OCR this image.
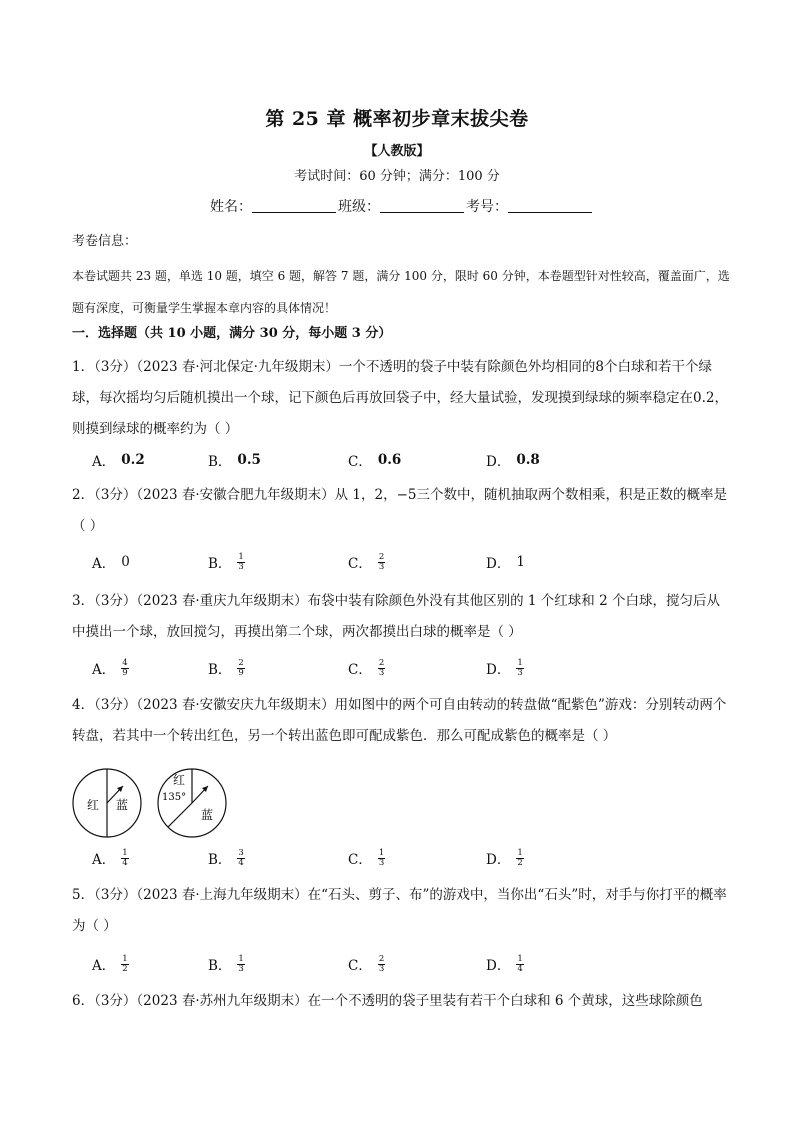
第 25 章 概率初步章末拔尖卷
【人教版】
考试时间：60 分钟；满分：100 分
姓名：	班级：	考号：
考卷信息：
本卷试题共 23 题，单选 10 题，填空 6 题，解答 7 题，满分 100 分，限时 60 分钟，本卷题型针对性较高，覆盖面广，选题有深度，可衡量学生掌握本章内容的具体情况！
一．选择题（共 10 小题，满分 30 分，每小题 3 分）
1．（3分）（2023 春·河北保定·九年级期末）一个不透明的袋子中装有除颜色外均相同的8个白球和若干个绿球，每次摇均匀后随机摸出一个球，记下颜色后再放回袋子中，经大量试验，发现摸到绿球的频率稳定在0.2，则摸到绿球的概率约为（ ）
A． 0.2	B． 0.5	C． 0.6	D． 0.8
2．（3分）（2023 春·安徽合肥九年级期末）从 1，2，−5三个数中，随机抽取两个数相乘，积是正数的概率是（ ）
A． 0	B． $\frac{1}{3}$	C． $\frac{2}{3}$	D． 1
3．（3分）（2023 春·重庆九年级期末）布袋中装有除颜色外没有其他区别的 1 个红球和 2 个白球，搅匀后从中摸出一个球，放回搅匀，再摸出第二个球，两次都摸出白球的概率是（ ）
A． $\frac{4}{9}$	B． $\frac{2}{9}$	C． $\frac{2}{3}$	D． $\frac{1}{3}$
4．（3分）（2023 春·安徽安庆九年级期末）用如图中的两个可自由转动的转盘做“配紫色”游戏：分别转动两个转盘，若其中一个转出红色，另一个转出蓝色即可配成紫色．那么可配成紫色的概率是（ ）
红 蓝
红
135°
蓝
A． $\frac{1}{4}$	B． $\frac{3}{4}$	C． $\frac{1}{3}$	D． $\frac{1}{2}$
5．（3分）（2023 春·上海九年级期末）在“石头、剪子、布”的游戏中，当你出“石头”时，对手与你打平的概率为（ ）
A． $\frac{1}{2}$	B． $\frac{1}{3}$	C． $\frac{2}{3}$	D． $\frac{1}{4}$
6．（3分）（2023 春·苏州九年级期末）在一个不透明的袋子里装有若干个白球和 6 个黄球，这些球除颜色
